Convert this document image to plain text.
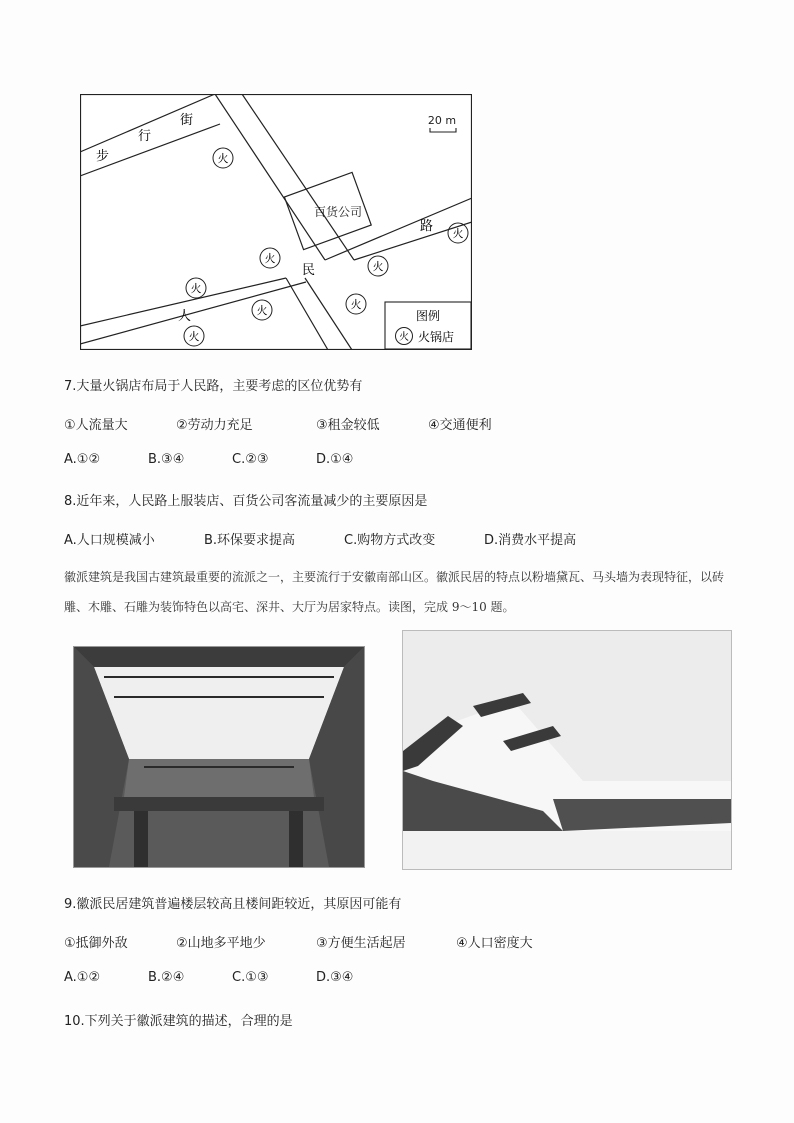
百货公司
20 m
步
行
街
人
民
路
火
火
火
火
火
火
火
火
图例
火 火锅店
7.大量火锅店布局于人民路，主要考虑的区位优势有
①人流量大	②劳动力充足	③租金较低	④交通便利
A.①②	B.③④	C.②③	D.①④
8.近年来，人民路上服装店、百货公司客流量减少的主要原因是
A.人口规模减小	B.环保要求提高	C.购物方式改变	D.消费水平提高
徽派建筑是我国古建筑最重要的流派之一，主要流行于安徽南部山区。徽派民居的特点以粉墙黛瓦、马头墙为表现特征，以砖雕、木雕、石雕为装饰特色以高宅、深井、大厅为居家特点。读图，完成 9～10 题。
9.徽派民居建筑普遍楼层较高且楼间距较近，其原因可能有
①抵御外敌	②山地多平地少	③方便生活起居	④人口密度大
A.①②	B.②④	C.①③	D.③④
10.下列关于徽派建筑的描述，合理的是
